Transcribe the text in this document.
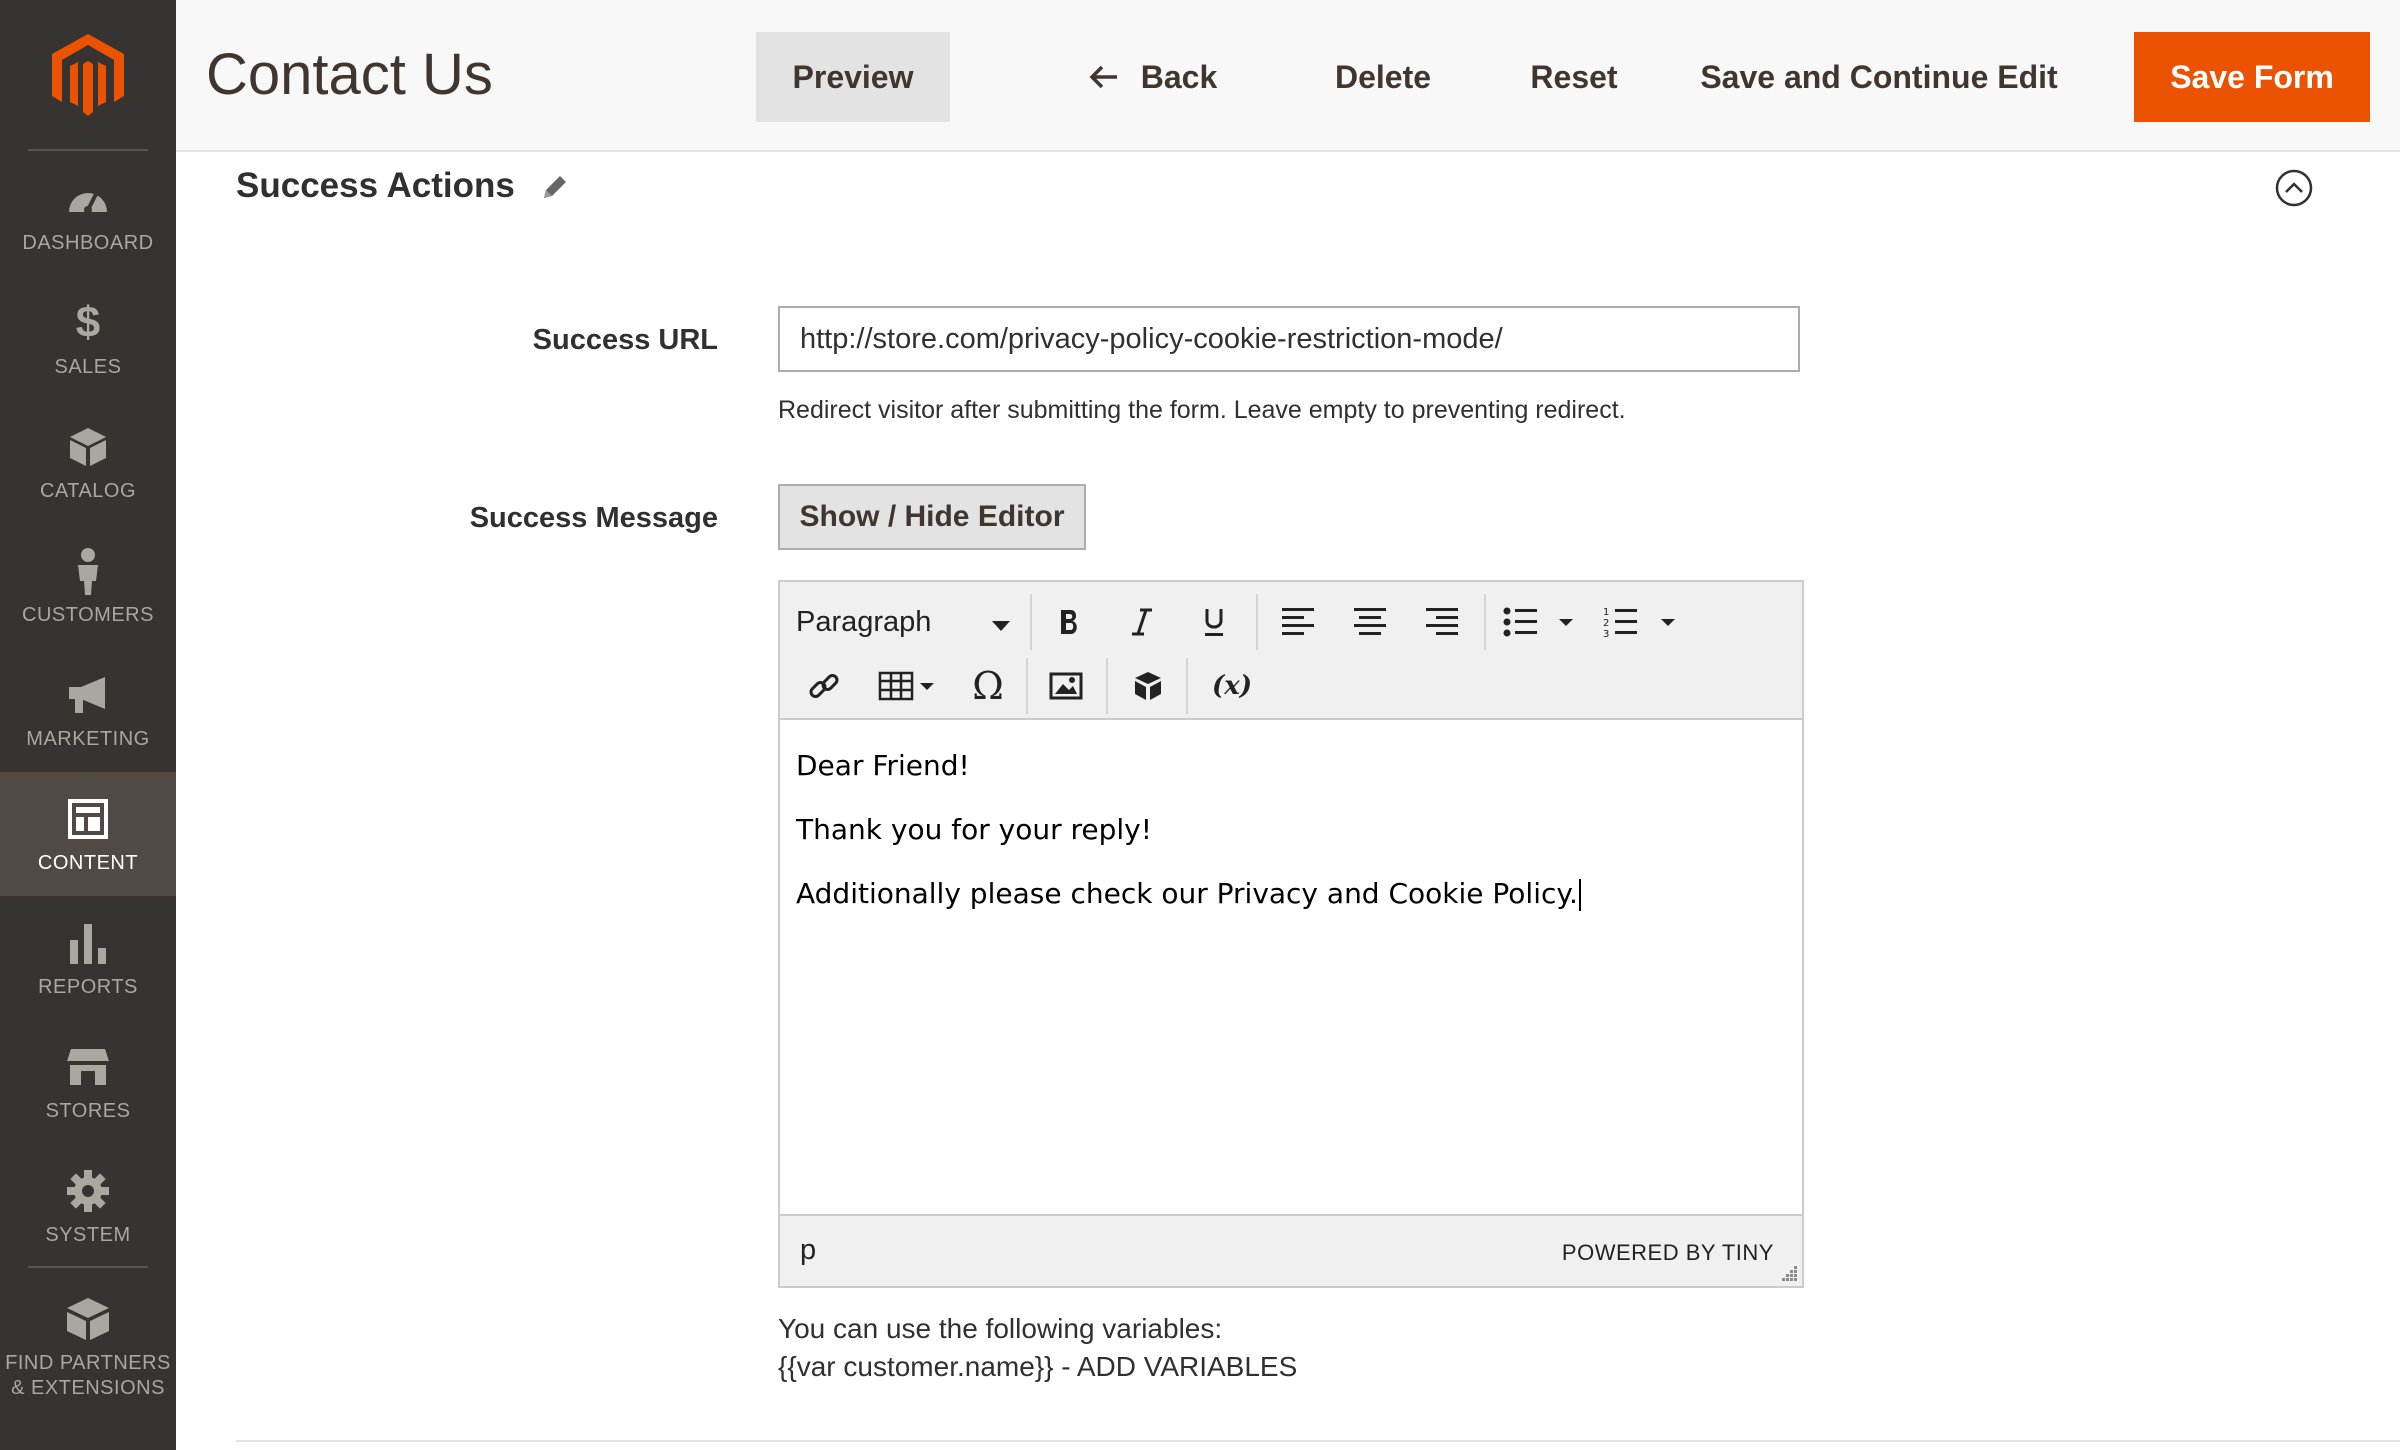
DASHBOARD
$
SALES
CATALOG
CUSTOMERS
MARKETING
CONTENT
REPORTS
STORES
SYSTEM
FIND PARTNERS
& EXTENSIONS
Contact Us	Preview	Back	Delete	Reset	Save and Continue Edit	Save Form
Success Actions
Success URL
http://store.com/privacy-policy-cookie-restriction-mode/
Redirect visitor after submitting the form. Leave empty to preventing redirect.
Success Message	Show / Hide Editor
Paragraph	1
2
3
Ω	(x)

Dear Friend!

Thank you for your reply!

Additionally please check our Privacy and Cookie Policy.

p	POWERED BY TINY
You can use the following variables:
{{var customer.name}} - ADD VARIABLES
